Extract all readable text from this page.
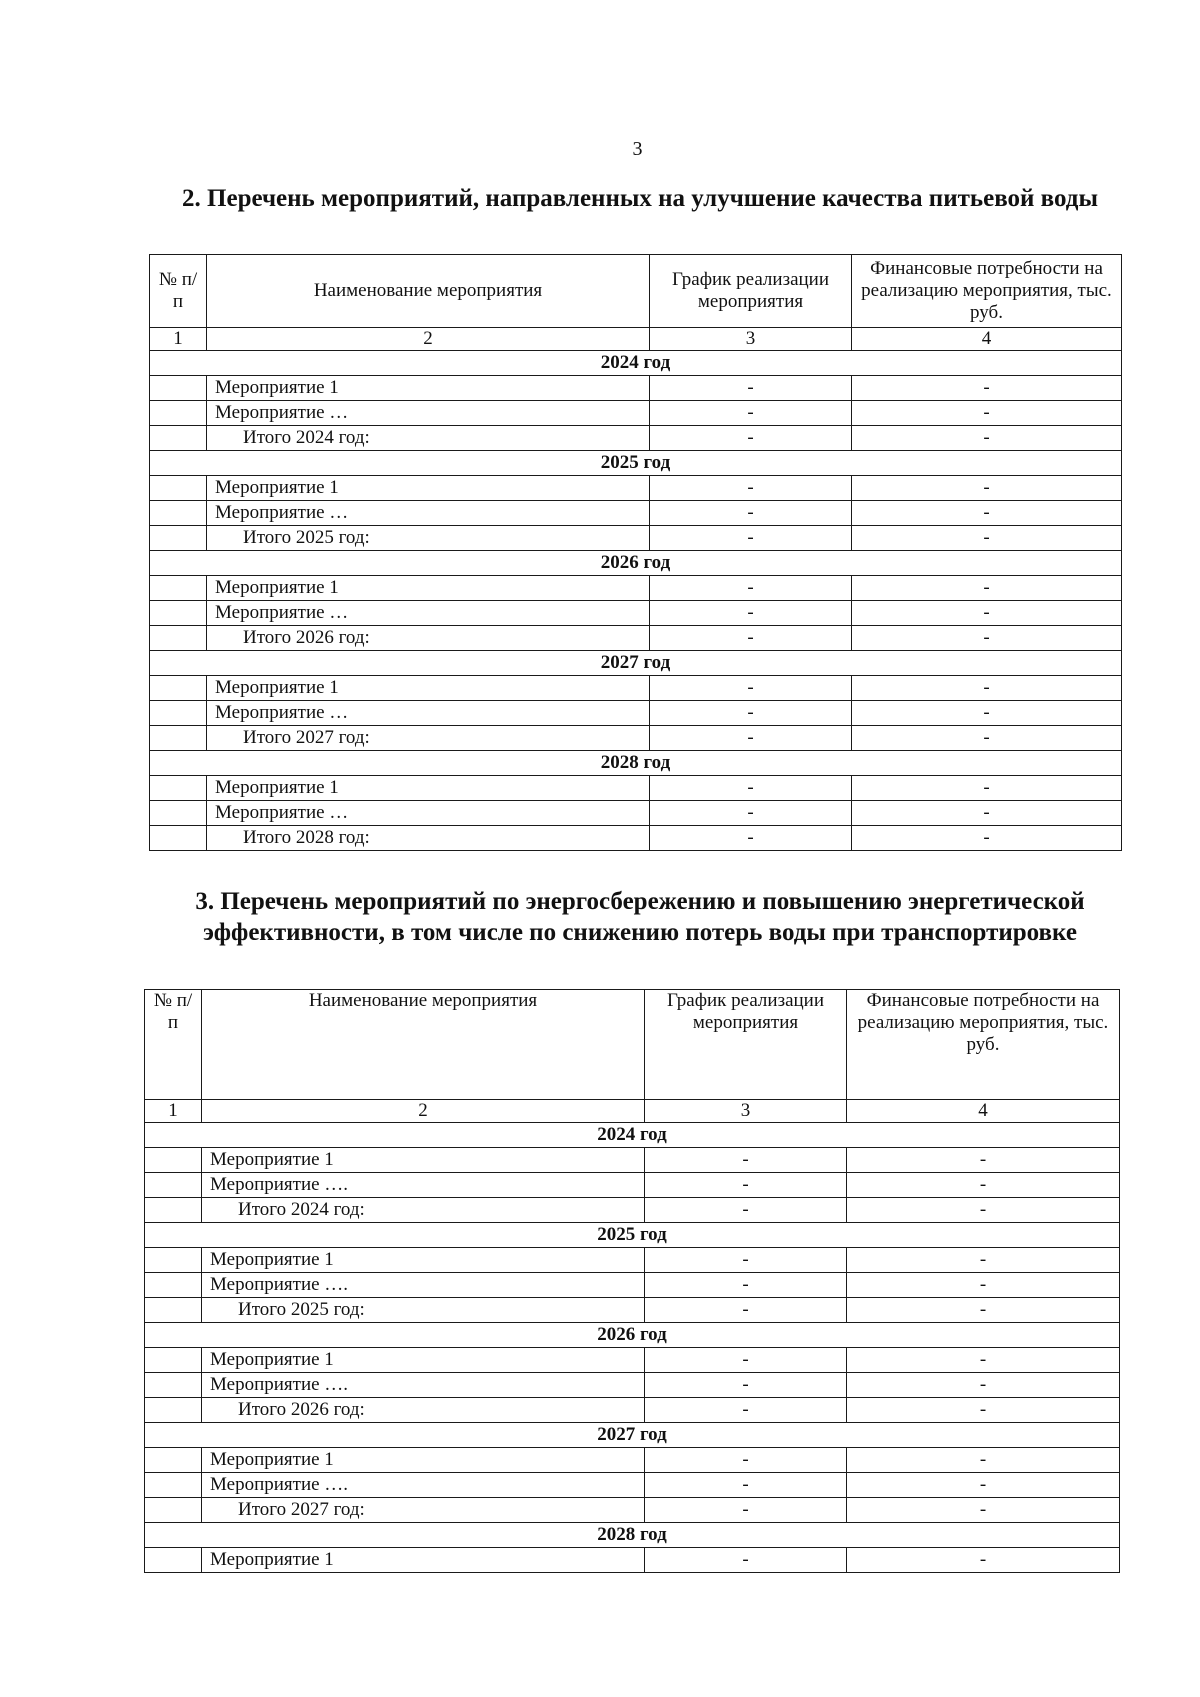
3
2. Перечень мероприятий, направленных на улучшение качества питьевой воды
№ п/п	Наименование мероприятия	График реализации мероприятия	Финансовые потребности на реализацию мероприятия, тыс. руб.
1	2	3	4
2024 год			
	Мероприятие 1	-	-
	Мероприятие …	-	-
	Итого 2024 год:	-	-
2025 год			
	Мероприятие 1	-	-
	Мероприятие …	-	-
	Итого 2025 год:	-	-
2026 год			
	Мероприятие 1	-	-
	Мероприятие …	-	-
	Итого 2026 год:	-	-
2027 год			
	Мероприятие 1	-	-
	Мероприятие …	-	-
	Итого 2027 год:	-	-
2028 год			
	Мероприятие 1	-	-
	Мероприятие …	-	-
	Итого 2028 год:	-	-
3. Перечень мероприятий по энергосбережению и повышению энергетической эффективности, в том числе по снижению потерь воды при транспортировке
№ п/п	Наименование мероприятия	График реализации мероприятия	Финансовые потребности на реализацию мероприятия, тыс. руб.
1	2	3	4
2024 год			
	Мероприятие 1	-	-
	Мероприятие ….	-	-
	Итого 2024 год:	-	-
2025 год			
	Мероприятие 1	-	-
	Мероприятие ….	-	-
	Итого 2025 год:	-	-
2026 год			
	Мероприятие 1	-	-
	Мероприятие ….	-	-
	Итого 2026 год:	-	-
2027 год			
	Мероприятие 1	-	-
	Мероприятие ….	-	-
	Итого 2027 год:	-	-
2028 год			
	Мероприятие 1	-	-
